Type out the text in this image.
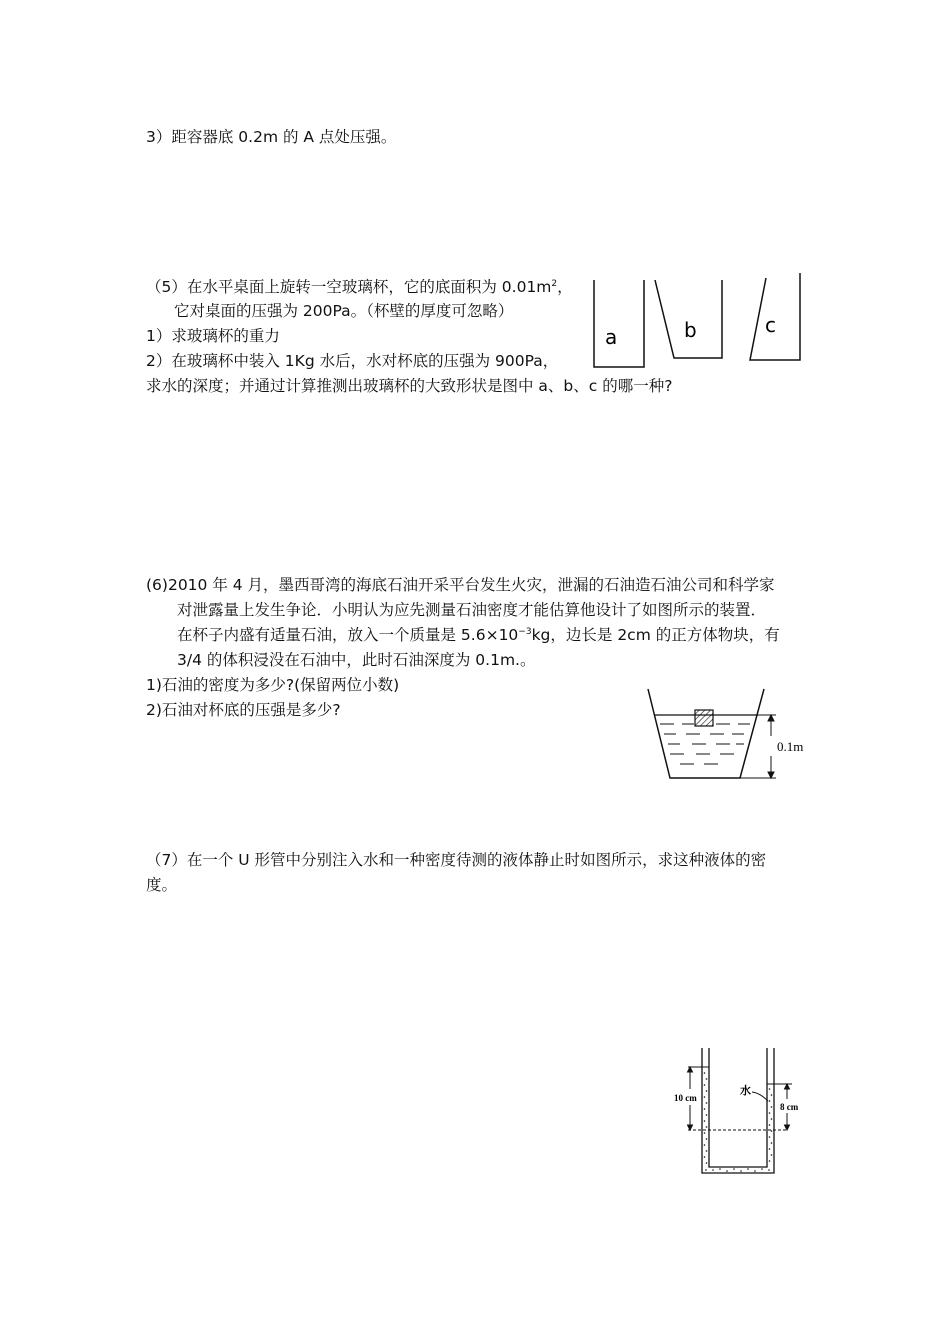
3）距容器底 0.2m 的 A 点处压强。
（5）在水平桌面上旋转一空玻璃杯，它的底面积为 $0.01m^2$，
它对桌面的压强为 200Pa。（杯壁的厚度可忽略）
1）求玻璃杯的重力
2）在玻璃杯中装入 1Kg 水后，水对杯底的压强为 900Pa，
求水的深度；并通过计算推测出玻璃杯的大致形状是图中 a、b、c 的哪一种?
a	b	c
(6)2010 年 4 月，墨西哥湾的海底石油开采平台发生火灾，泄漏的石油造石油公司和科学家
对泄露量上发生争论．小明认为应先测量石油密度才能估算他设计了如图所示的装置．
在杯子内盛有适量石油，放入一个质量是 $5.6\times 10^{-3}kg$，边长是 2cm 的正方体物块，有
3/4 的体积浸没在石油中，此时石油深度为 0.1m.。
1)石油的密度为多少?(保留两位小数)
2)石油对杯底的压强是多少?
0.1m
（7）在一个 U 形管中分别注入水和一种密度待测的液体静止时如图所示，求这种液体的密
度。
10 cm
8 cm
水
